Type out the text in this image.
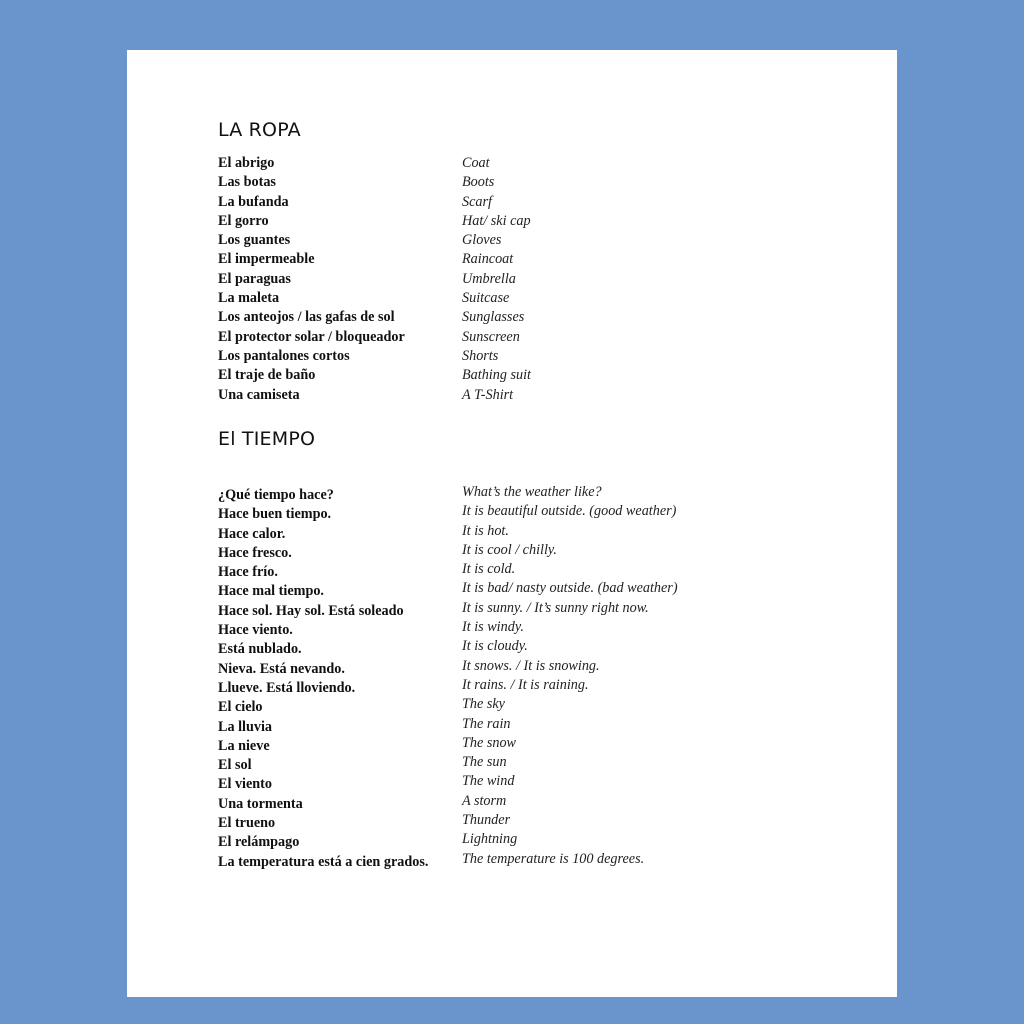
LA ROPA
El abrigo	Coat
Las botas	Boots
La bufanda	Scarf
El gorro	Hat/ ski cap
Los guantes	Gloves
El impermeable	Raincoat
El paraguas	Umbrella
La maleta	Suitcase
Los anteojos / las gafas de sol	Sunglasses
El protector solar / bloqueador	Sunscreen
Los pantalones cortos	Shorts
El traje de baño	Bathing suit
Una camiseta	A T-Shirt
El TIEMPO
¿Qué tiempo hace?	What’s the weather like?
Hace buen tiempo.	It is beautiful outside. (good weather)
Hace calor.	It is hot.
Hace fresco.	It is cool / chilly.
Hace frío.	It is cold.
Hace mal tiempo.	It is bad/ nasty outside. (bad weather)
Hace sol. Hay sol. Está soleado	It is sunny. / It’s sunny right now.
Hace viento.	It is windy.
Está nublado.	It is cloudy.
Nieva. Está nevando.	It snows. / It is snowing.
Llueve. Está lloviendo.	It rains. / It is raining.
El cielo	The sky
La lluvia	The rain
La nieve	The snow
El sol	The sun
El viento	The wind
Una tormenta	A storm
El trueno	Thunder
El relámpago	Lightning
La temperatura está a cien grados. The temperature is 100 degrees.
